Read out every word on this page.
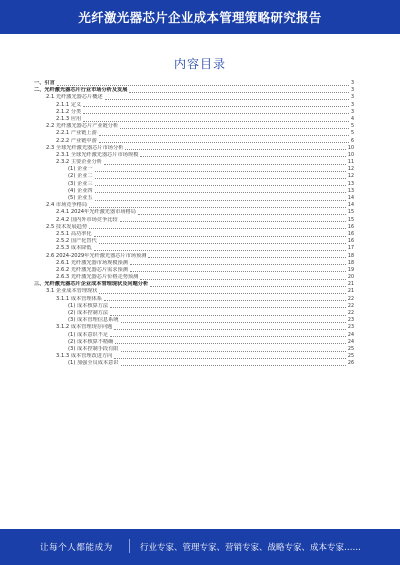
光纤激光器芯片企业成本管理策略研究报告
内容目录
一、引言	3
二、光纤激光器芯片行业市场分析及发展	3
2.1 光纤激光器芯片概述	3
2.1.1 定义	3
2.1.2 分类	3
2.1.3 应用	4
2.2 光纤激光器芯片产业链分析	5
2.2.1 产业链上游	5
2.2.2 产业链中游	6
2.3 全球光纤激光器芯片市场分析	10
2.3.1 全球光纤激光器芯片市场规模	10
2.3.2 主要企业分析	11
(1) 企业一	12
(2) 企业二	12
(3) 企业三	13
(4) 企业四	13
(5) 企业五	14
2.4 市场竞争格局	14
2.4.1 2024年光纤激光器市场格局	15
2.4.2 国内外市场竞争比较	15
2.5 技术发展趋势	16
2.5.1 高功率化	16
2.5.2 国产化替代	16
2.5.3 成本降低	17
2.6 2024-2029年光纤激光器芯片市场预测	18
2.6.1 光纤激光器市场规模预测	18
2.6.2 光纤激光器芯片需求预测	19
2.6.3 光纤激光器芯片价格走势预测	20
三、光纤激光器芯片企业成本管理现状及问题分析	21
3.1 企业成本管理现状	21
3.1.1 成本管理体系	22
(1) 成本核算方法	22
(2) 成本控制方法	22
(3) 成本管理信息系统	23
3.1.2 成本管理现存问题	23
(1) 成本意识不足	24
(2) 成本核算不精确	24
(3) 成本控制手段有限	25
3.1.3 成本管理改进方向	25
(1) 加强全员成本意识	26
让每个人都能成为	行业专家、管理专家、营销专家、战略专家、成本专家……
